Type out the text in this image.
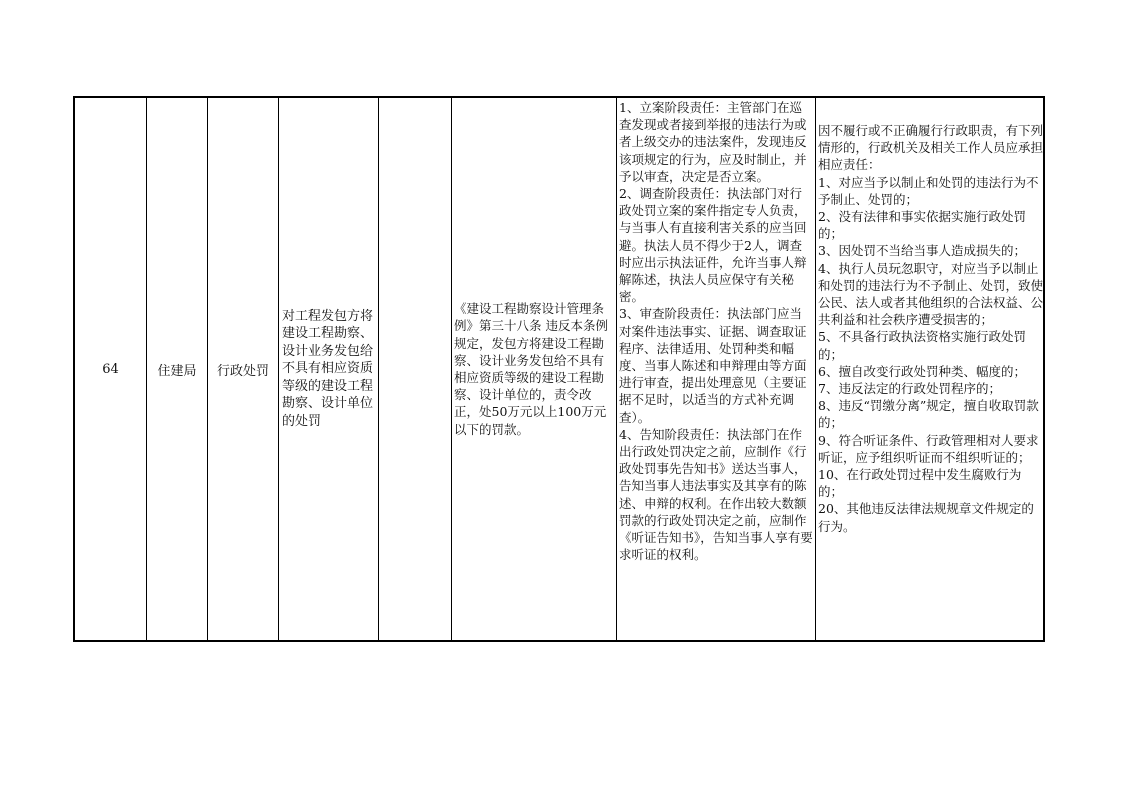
64	住建局 行政处罚
对工程发包方将建设工程勘察、设计业务发包给不具有相应资质等级的建设工程勘察、设计单位的处罚
《建设工程勘察设计管理条例》第三十八条 违反本条例规定，发包方将建设工程勘察、设计业务发包给不具有相应资质等级的建设工程勘察、设计单位的，责令改正，处50万元以上100万元以下的罚款。
1、立案阶段责任：主管部门在巡查发现或者接到举报的违法行为或者上级交办的违法案件，发现违反该项规定的行为，应及时制止，并予以审查，决定是否立案。
2、调查阶段责任：执法部门对行政处罚立案的案件指定专人负责，与当事人有直接利害关系的应当回避。执法人员不得少于2人，调查时应出示执法证件，允许当事人辩解陈述，执法人员应保守有关秘密。
3、审查阶段责任：执法部门应当对案件违法事实、证据、调查取证程序、法律适用、处罚种类和幅度、当事人陈述和申辩理由等方面进行审查，提出处理意见（主要证据不足时，以适当的方式补充调查）。
4、告知阶段责任：执法部门在作出行政处罚决定之前，应制作《行政处罚事先告知书》送达当事人，告知当事人违法事实及其享有的陈述、申辩的权利。在作出较大数额罚款的行政处罚决定之前，应制作《听证告知书》，告知当事人享有要求听证的权利。
因不履行或不正确履行行政职责，有下列情形的，行政机关及相关工作人员应承担相应责任：
1、对应当予以制止和处罚的违法行为不予制止、处罚的；
2、没有法律和事实依据实施行政处罚的；
3、因处罚不当给当事人造成损失的；
4、执行人员玩忽职守，对应当予以制止和处罚的违法行为不予制止、处罚，致使公民、法人或者其他组织的合法权益、公共利益和社会秩序遭受损害的；
5、不具备行政执法资格实施行政处罚的；
6、擅自改变行政处罚种类、幅度的；
7、违反法定的行政处罚程序的；
8、违反“罚缴分离”规定，擅自收取罚款的；
9、符合听证条件、行政管理相对人要求听证，应予组织听证而不组织听证的；
10、在行政处罚过程中发生腐败行为的；
20、其他违反法律法规规章文件规定的行为。
